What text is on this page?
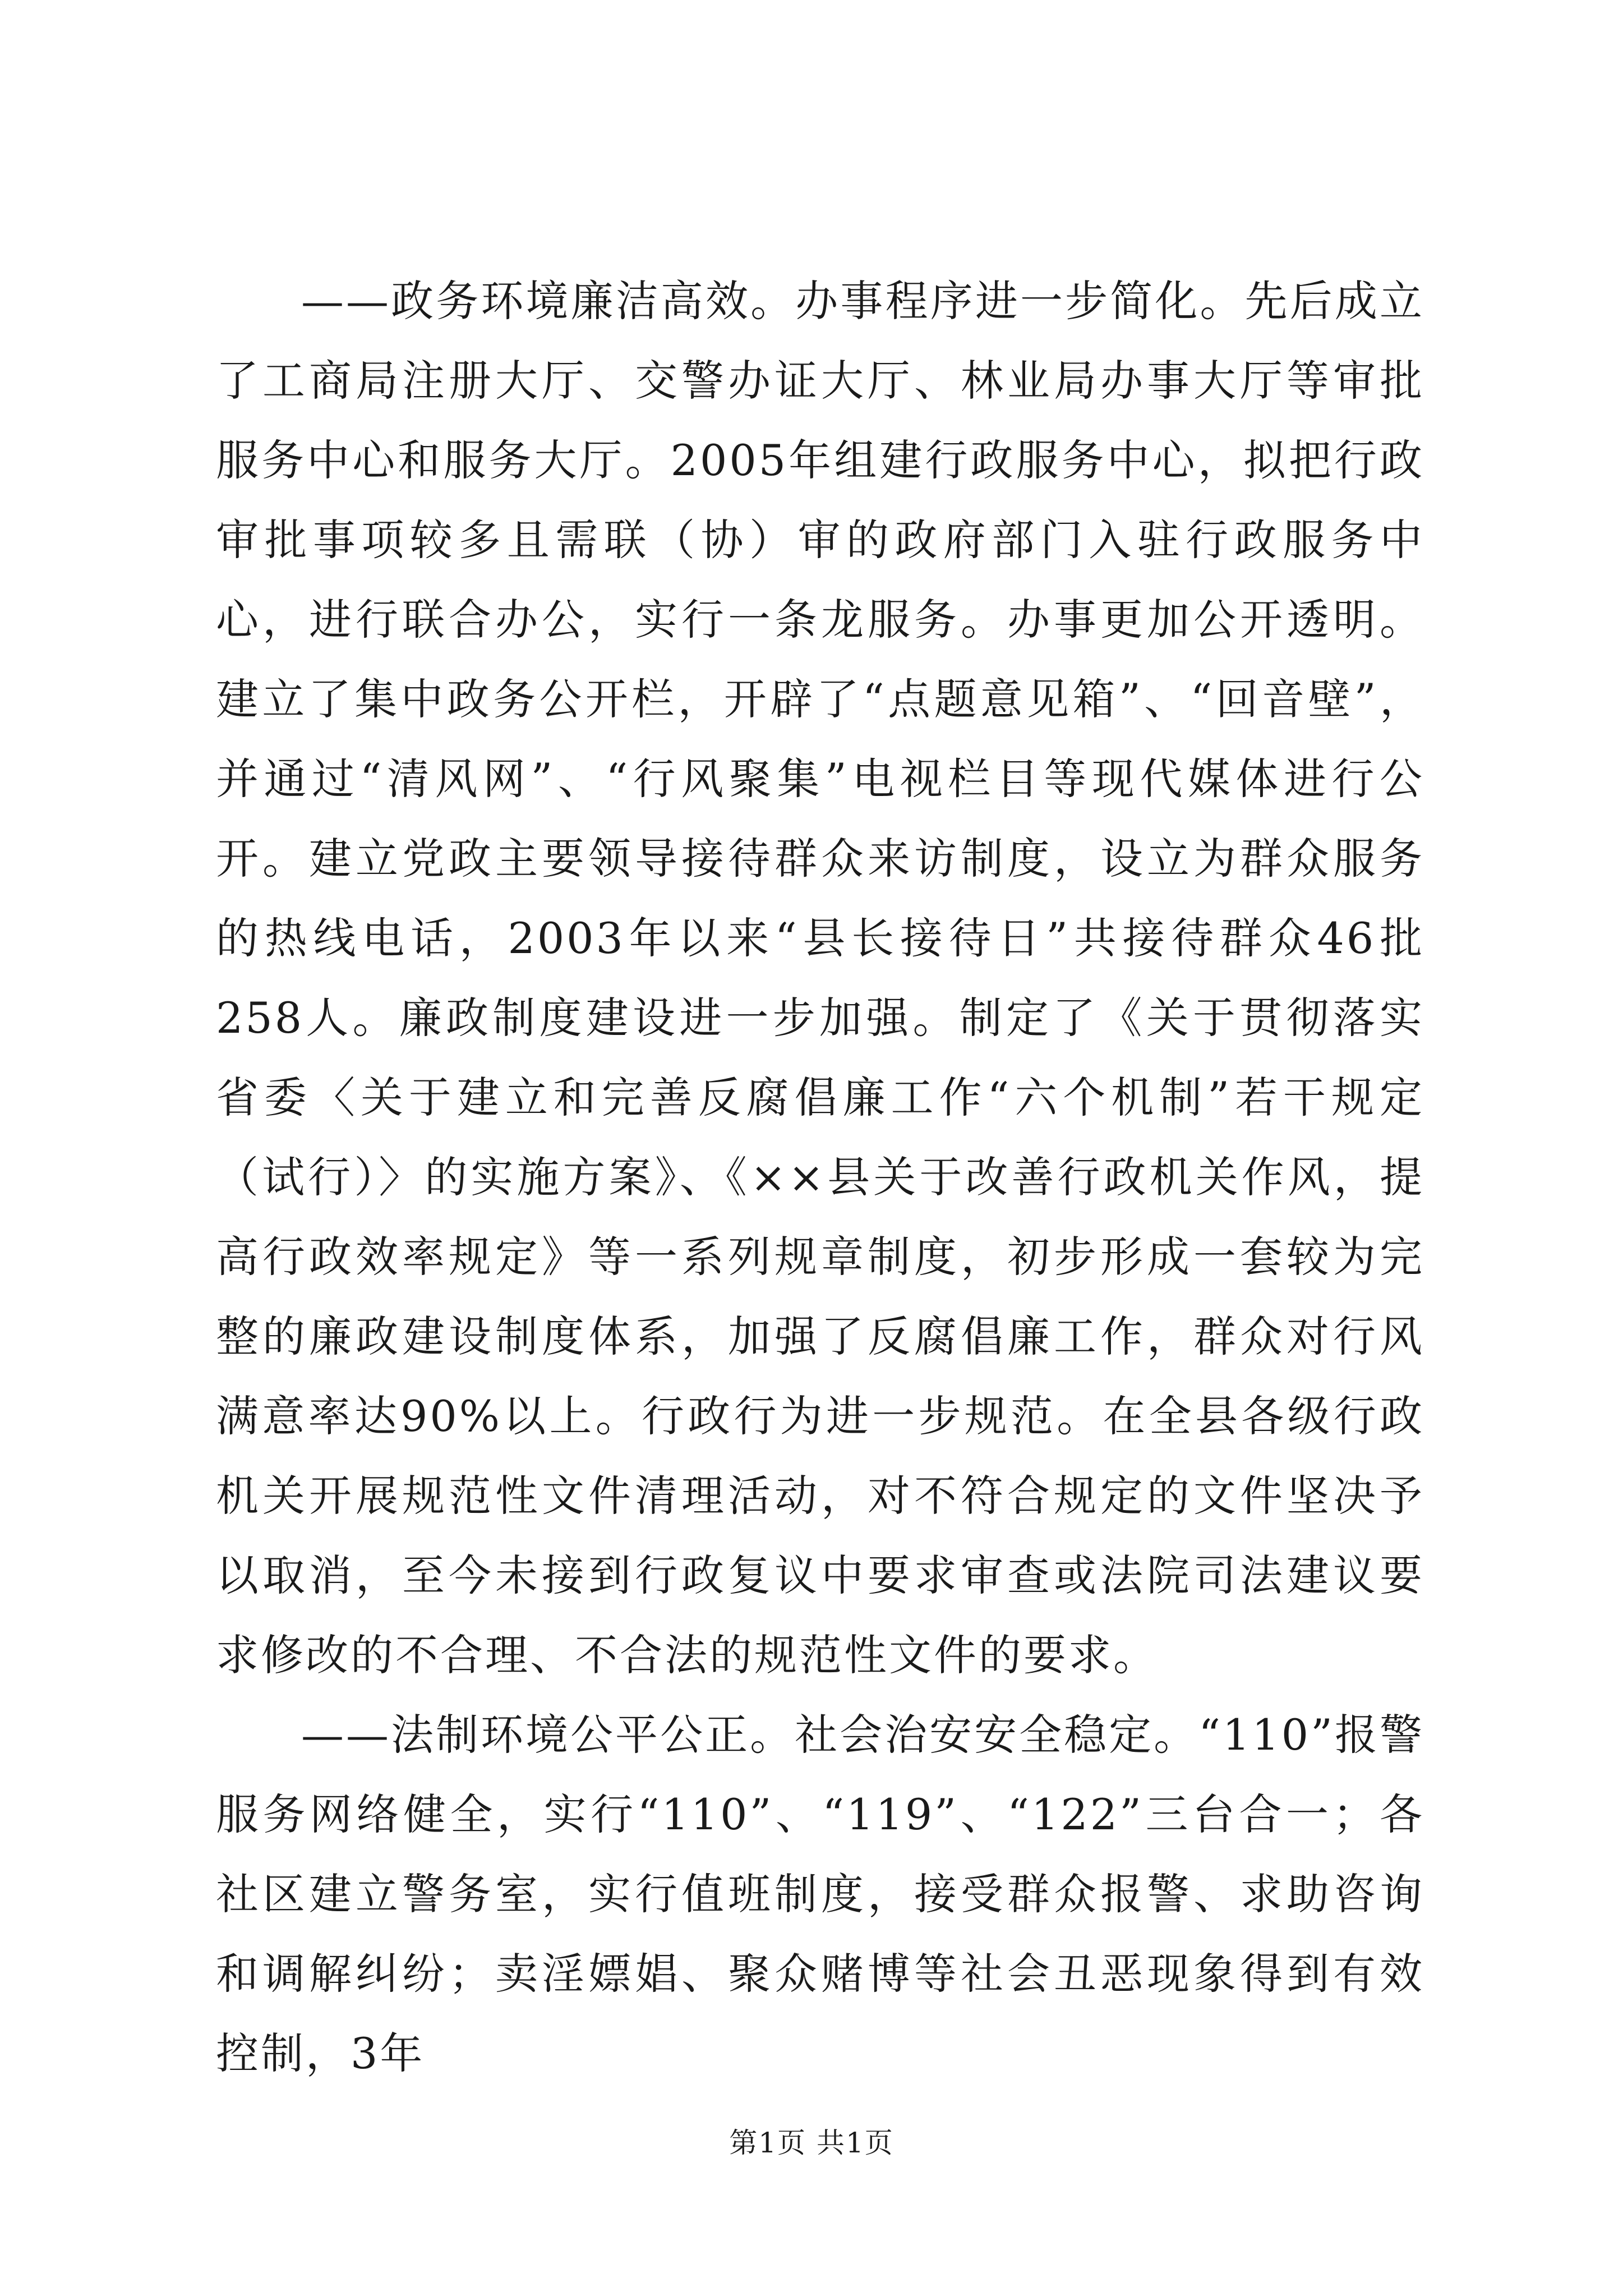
——政务环境廉洁高效。办事程序进一步简化。先后成立了工商局注册大厅、交警办证大厅、林业局办事大厅等审批服务中心和服务大厅。2005年组建行政服务中心，拟把行政审批事项较多且需联（协）审的政府部门入驻行政服务中心，进行联合办公，实行一条龙服务。办事更加公开透明。建立了集中政务公开栏，开辟了“点题意见箱”、“回音壁”，并通过“清风网”、“行风聚集”电视栏目等现代媒体进行公开。建立党政主要领导接待群众来访制度，设立为群众服务的热线电话，2003年以来“县长接待日”共接待群众46批258人。廉政制度建设进一步加强。制定了《关于贯彻落实省委〈关于建立和完善反腐倡廉工作“六个机制”若干规定（试行）〉的实施方案》、《××县关于改善行政机关作风，提高行政效率规定》等一系列规章制度，初步形成一套较为完整的廉政建设制度体系，加强了反腐倡廉工作，群众对行风满意率达90%以上。行政行为进一步规范。在全县各级行政机关开展规范性文件清理活动，对不符合规定的文件坚决予以取消，至今未接到行政复议中要求审查或法院司法建议要求修改的不合理、不合法的规范性文件的要求。

——法制环境公平公正。社会治安安全稳定。“110”报警服务网络健全，实行“110”、“119”、“122”三台合一；各社区建立警务室，实行值班制度，接受群众报警、求助咨询和调解纠纷；卖淫嫖娼、聚众赌博等社会丑恶现象得到有效控制，3年

第1页 共1页
